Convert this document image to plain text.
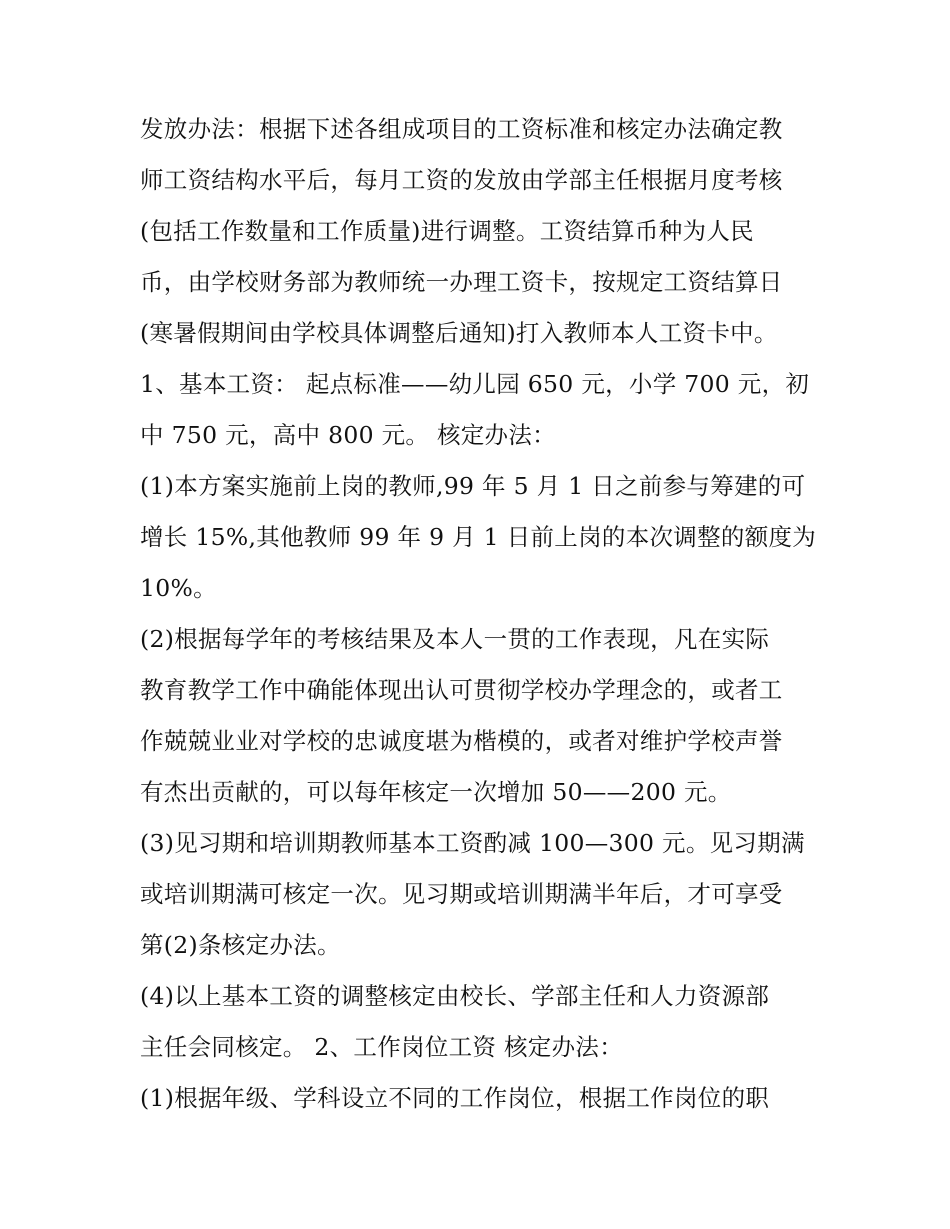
发放办法：根据下述各组成项目的工资标准和核定办法确定教
师工资结构水平后，每月工资的发放由学部主任根据月度考核
(包括工作数量和工作质量)进行调整。工资结算币种为人民
币，由学校财务部为教师统一办理工资卡，按规定工资结算日
(寒暑假期间由学校具体调整后通知)打入教师本人工资卡中。
1、基本工资： 起点标准——幼儿园 650 元，小学 700 元，初
中 750 元，高中 800 元。 核定办法：
(1)本方案实施前上岗的教师,99 年 5 月 1 日之前参与筹建的可
增长 15%,其他教师 99 年 9 月 1 日前上岗的本次调整的额度为
10%。
(2)根据每学年的考核结果及本人一贯的工作表现，凡在实际
教育教学工作中确能体现出认可贯彻学校办学理念的，或者工
作兢兢业业对学校的忠诚度堪为楷模的，或者对维护学校声誉
有杰出贡献的，可以每年核定一次增加 50——200 元。
(3)见习期和培训期教师基本工资酌减 100—300 元。见习期满
或培训期满可核定一次。见习期或培训期满半年后，才可享受
第(2)条核定办法。
(4)以上基本工资的调整核定由校长、学部主任和人力资源部
主任会同核定。 2、工作岗位工资 核定办法：
(1)根据年级、学科设立不同的工作岗位，根据工作岗位的职
